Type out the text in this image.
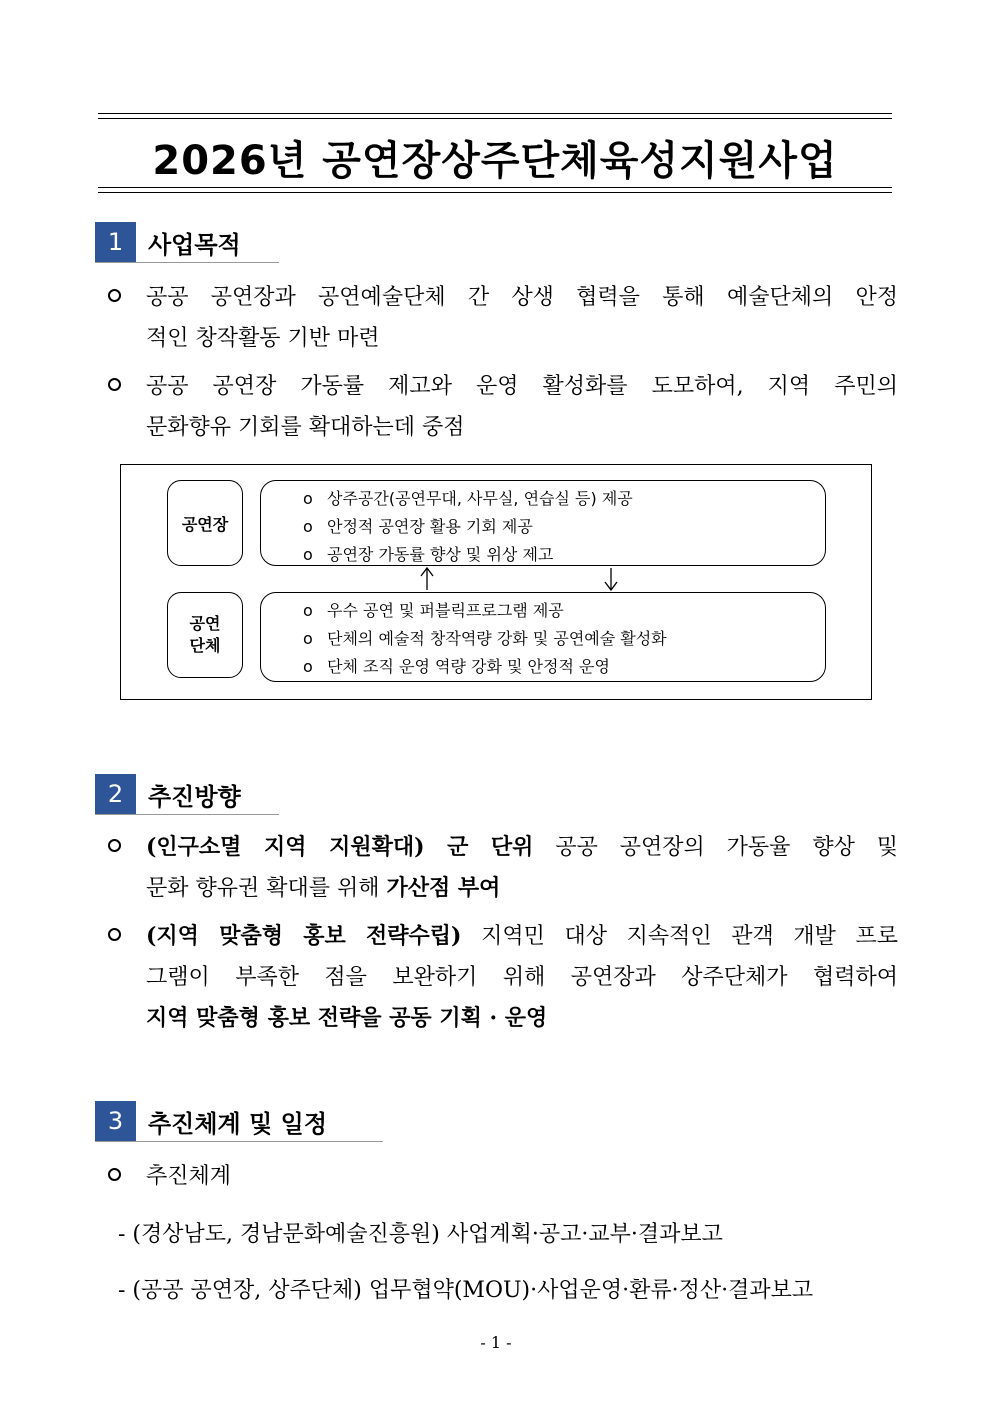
2026년 공연장상주단체육성지원사업
1	사업목적
공공 공연장과 공연예술단체 간 상생 협력을 통해 예술단체의 안정
적인 창작활동 기반 마련
공공 공연장 가동률 제고와 운영 활성화를 도모하여, 지역 주민의
문화향유 기회를 확대하는데 중점
공연장
o 상주공간(공연무대, 사무실, 연습실 등) 제공
o 안정적 공연장 활용 기회 제공
o 공연장 가동률 향상 및 위상 제고
공연
단체
o 우수 공연 및 퍼블릭프로그램 제공
o 단체의 예술적 창작역량 강화 및 공연예술 활성화
o 단체 조직 운영 역량 강화 및 안정적 운영
2	추진방향
(인구소멸 지역 지원확대) 군 단위 공공 공연장의 가동율 향상 및
문화 향유권 확대를 위해 가산점 부여
(지역 맞춤형 홍보 전략수립) 지역민 대상 지속적인 관객 개발 프로
그램이 부족한 점을 보완하기 위해 공연장과 상주단체가 협력하여
지역 맞춤형 홍보 전략을 공동 기획 · 운영
3	추진체계 및 일정
추진체계
- (경상남도, 경남문화예술진흥원) 사업계획·공고·교부·결과보고
- (공공 공연장, 상주단체) 업무협약(MOU)·사업운영·환류·정산·결과보고
- 1 -
